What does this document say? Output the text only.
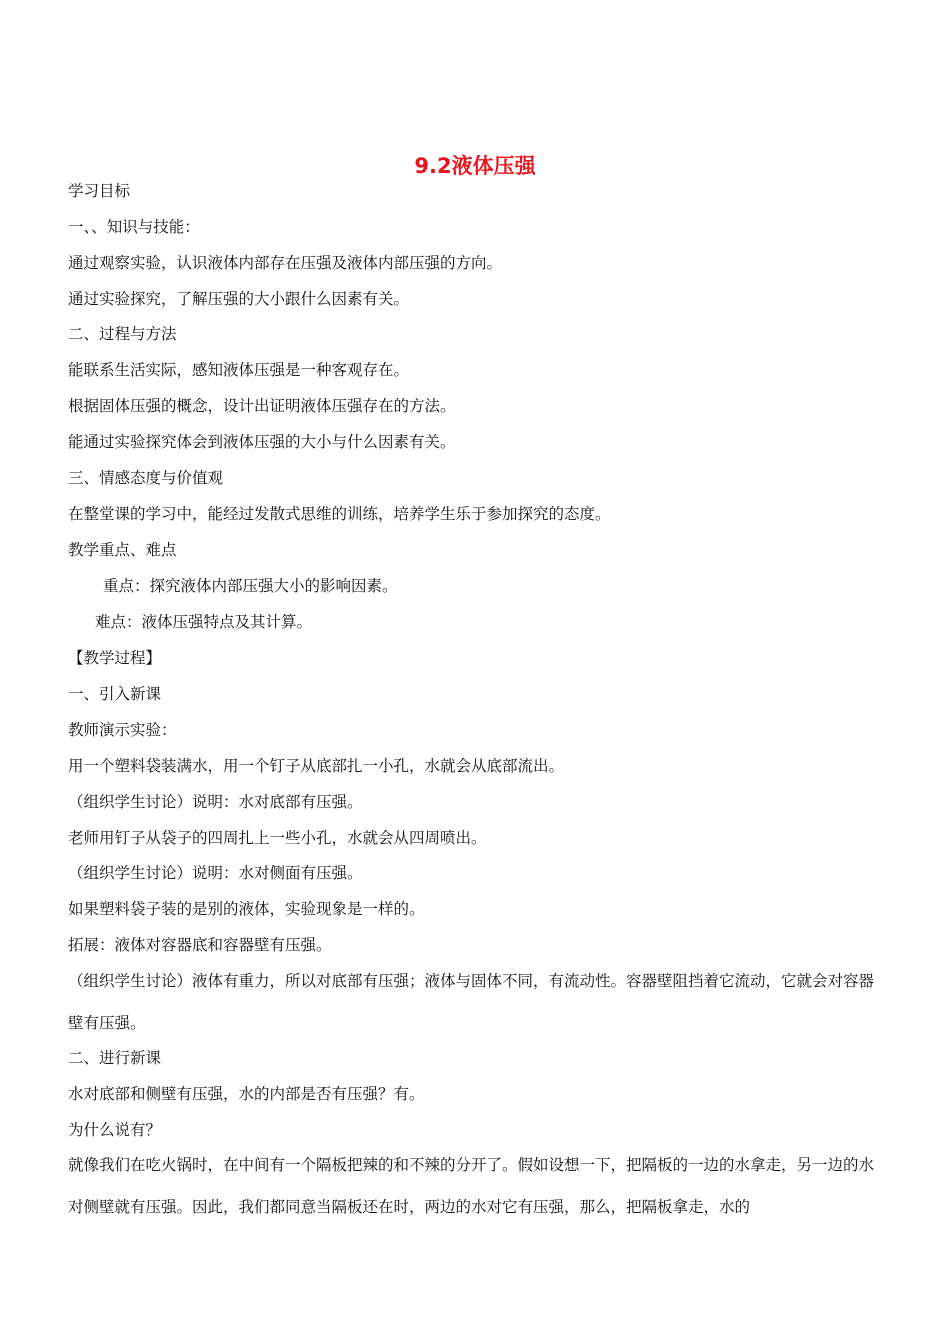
9.2液体压强
学习目标
一、、知识与技能：
通过观察实验，认识液体内部存在压强及液体内部压强的方向。
通过实验探究，了解压强的大小跟什么因素有关。
二、过程与方法
能联系生活实际，感知液体压强是一种客观存在。
根据固体压强的概念，设计出证明液体压强存在的方法。
能通过实验探究体会到液体压强的大小与什么因素有关。
三、情感态度与价值观
在整堂课的学习中，能经过发散式思维的训练，培养学生乐于参加探究的态度。
教学重点、难点
重点：探究液体内部压强大小的影响因素。
难点：液体压强特点及其计算。
【教学过程】
一、引入新课
教师演示实验：
用一个塑料袋装满水，用一个钉子从底部扎一小孔，水就会从底部流出。
（组织学生讨论）说明：水对底部有压强。
老师用钉子从袋子的四周扎上一些小孔，水就会从四周喷出。
（组织学生讨论）说明：水对侧面有压强。
如果塑料袋子装的是别的液体，实验现象是一样的。
拓展：液体对容器底和容器壁有压强。
（组织学生讨论）液体有重力，所以对底部有压强；液体与固体不同，有流动性。容器壁阻挡着它流动，它就会对容器壁有压强。
二、进行新课
水对底部和侧壁有压强，水的内部是否有压强？有。
为什么说有？
就像我们在吃火锅时，在中间有一个隔板把辣的和不辣的分开了。假如设想一下，把隔板的一边的水拿走，另一边的水对侧壁就有压强。因此，我们都同意当隔板还在时，两边的水对它有压强，那么，把隔板拿走，水的
